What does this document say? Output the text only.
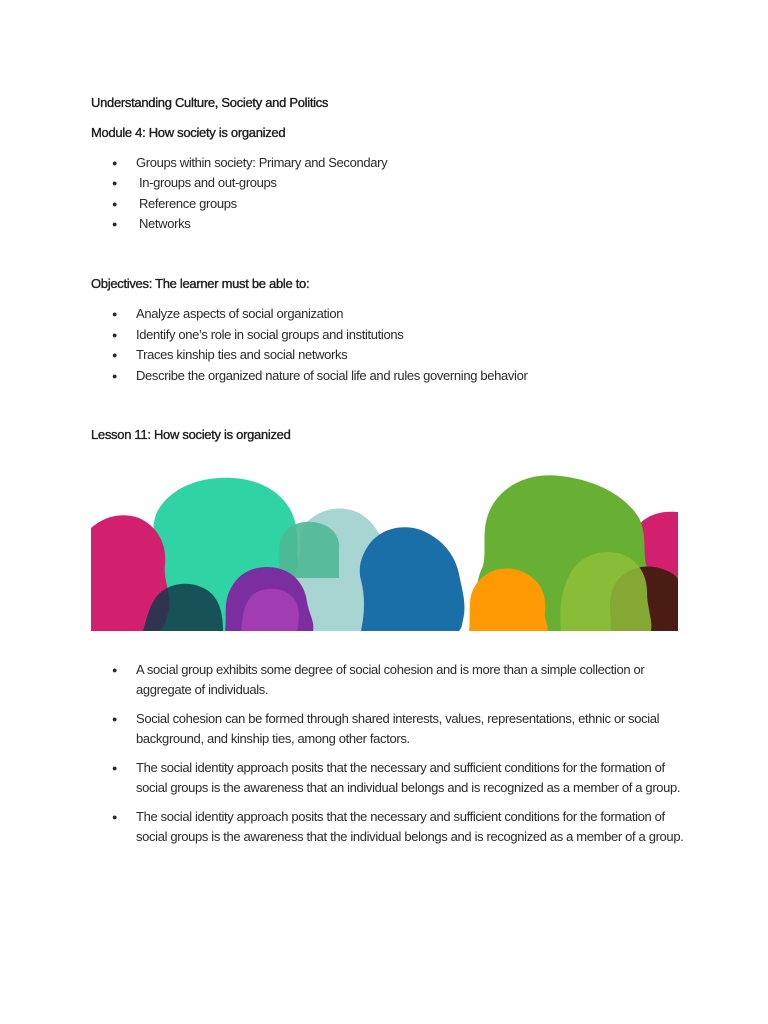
Understanding Culture, Society and Politics
Module 4: How society is organized
● Groups within society: Primary and Secondary
● In-groups and out-groups
● Reference groups
● Networks
Objectives: The learner must be able to:
● Analyze aspects of social organization
● Identify one’s role in social groups and institutions
● Traces kinship ties and social networks
● Describe the organized nature of social life and rules governing behavior
Lesson 11: How society is organized
● A social group exhibits some degree of social cohesion and is more than a simple collection or aggregate of individuals.
● Social cohesion can be formed through shared interests, values, representations, ethnic or social background, and kinship ties, among other factors.
● The social identity approach posits that the necessary and sufficient conditions for the formation of social groups is the awareness that an individual belongs and is recognized as a member of a group.
● The social identity approach posits that the necessary and sufficient conditions for the formation of social groups is the awareness that the individual belongs and is recognized as a member of a group.
